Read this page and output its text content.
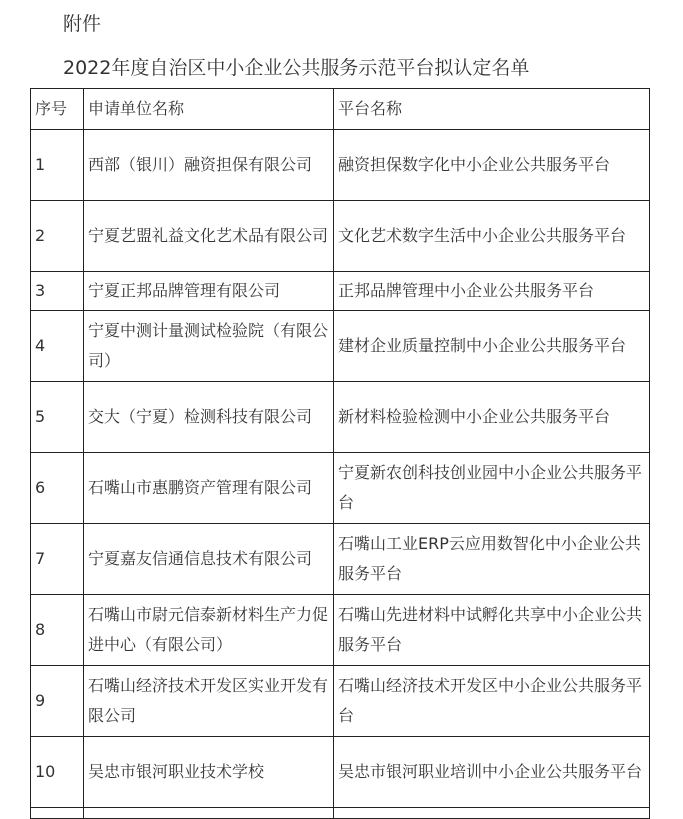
附件
2022年度自治区中小企业公共服务示范平台拟认定名单
序号	申请单位名称	平台名称
1	西部（银川）融资担保有限公司	融资担保数字化中小企业公共服务平台
2	宁夏艺盟礼益文化艺术品有限公司	文化艺术数字生活中小企业公共服务平台
3	宁夏正邦品牌管理有限公司	正邦品牌管理中小企业公共服务平台
4	宁夏中测计量测试检验院（有限公司）	建材企业质量控制中小企业公共服务平台
5	交大（宁夏）检测科技有限公司	新材料检验检测中小企业公共服务平台
6	石嘴山市惠鹏资产管理有限公司	宁夏新农创科技创业园中小企业公共服务平台
7	宁夏嘉友信通信息技术有限公司	石嘴山工业ERP云应用数智化中小企业公共服务平台
8	石嘴山市尉元信泰新材料生产力促进中心（有限公司）	石嘴山先进材料中试孵化共享中小企业公共服务平台
9	石嘴山经济技术开发区实业开发有限公司	石嘴山经济技术开发区中小企业公共服务平台
10	吴忠市银河职业技术学校	吴忠市银河职业培训中小企业公共服务平台
